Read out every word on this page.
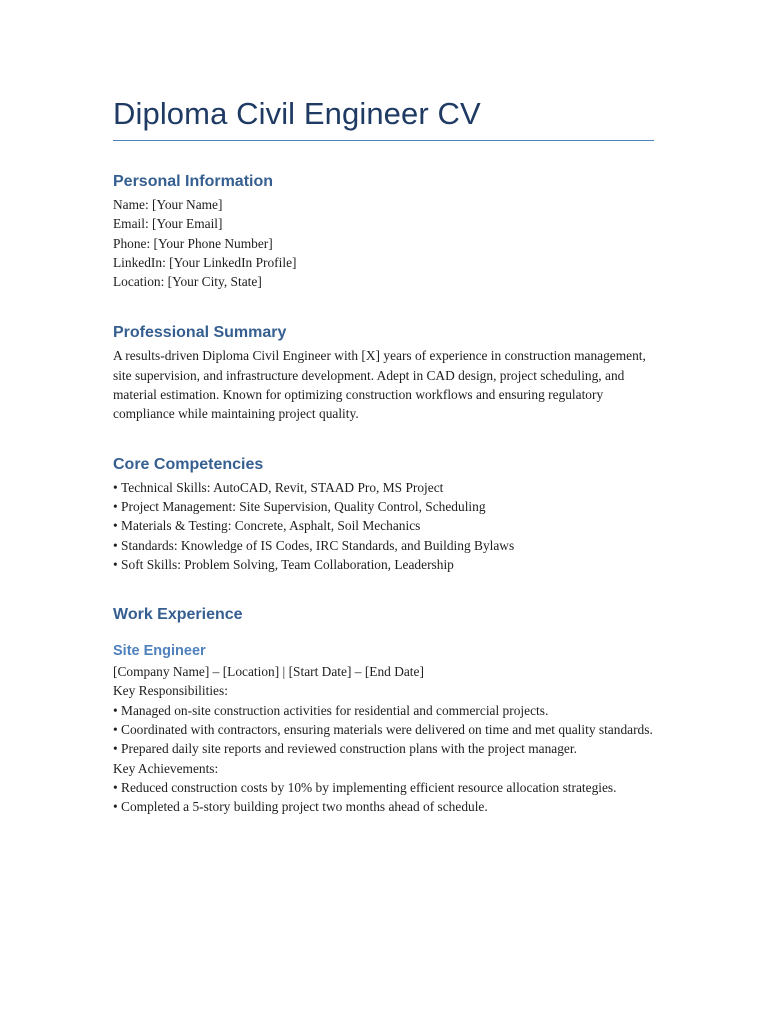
Diploma Civil Engineer CV
Personal Information

Name: [Your Name]

Email: [Your Email]

Phone: [Your Phone Number]

LinkedIn: [Your LinkedIn Profile]

Location: [Your City, State]

Professional Summary

A results-driven Diploma Civil Engineer with [X] years of experience in construction management, site supervision, and infrastructure development. Adept in CAD design, project scheduling, and material estimation. Known for optimizing construction workflows and ensuring regulatory compliance while maintaining project quality.

Core Competencies

• Technical Skills: AutoCAD, Revit, STAAD Pro, MS Project

• Project Management: Site Supervision, Quality Control, Scheduling

• Materials & Testing: Concrete, Asphalt, Soil Mechanics

• Standards: Knowledge of IS Codes, IRC Standards, and Building Bylaws

• Soft Skills: Problem Solving, Team Collaboration, Leadership

Work Experience
Site Engineer

[Company Name] – [Location] | [Start Date] – [End Date]

Key Responsibilities:

• Managed on-site construction activities for residential and commercial projects.

• Coordinated with contractors, ensuring materials were delivered on time and met quality standards.

• Prepared daily site reports and reviewed construction plans with the project manager.

Key Achievements:

• Reduced construction costs by 10% by implementing efficient resource allocation strategies.

• Completed a 5-story building project two months ahead of schedule.
